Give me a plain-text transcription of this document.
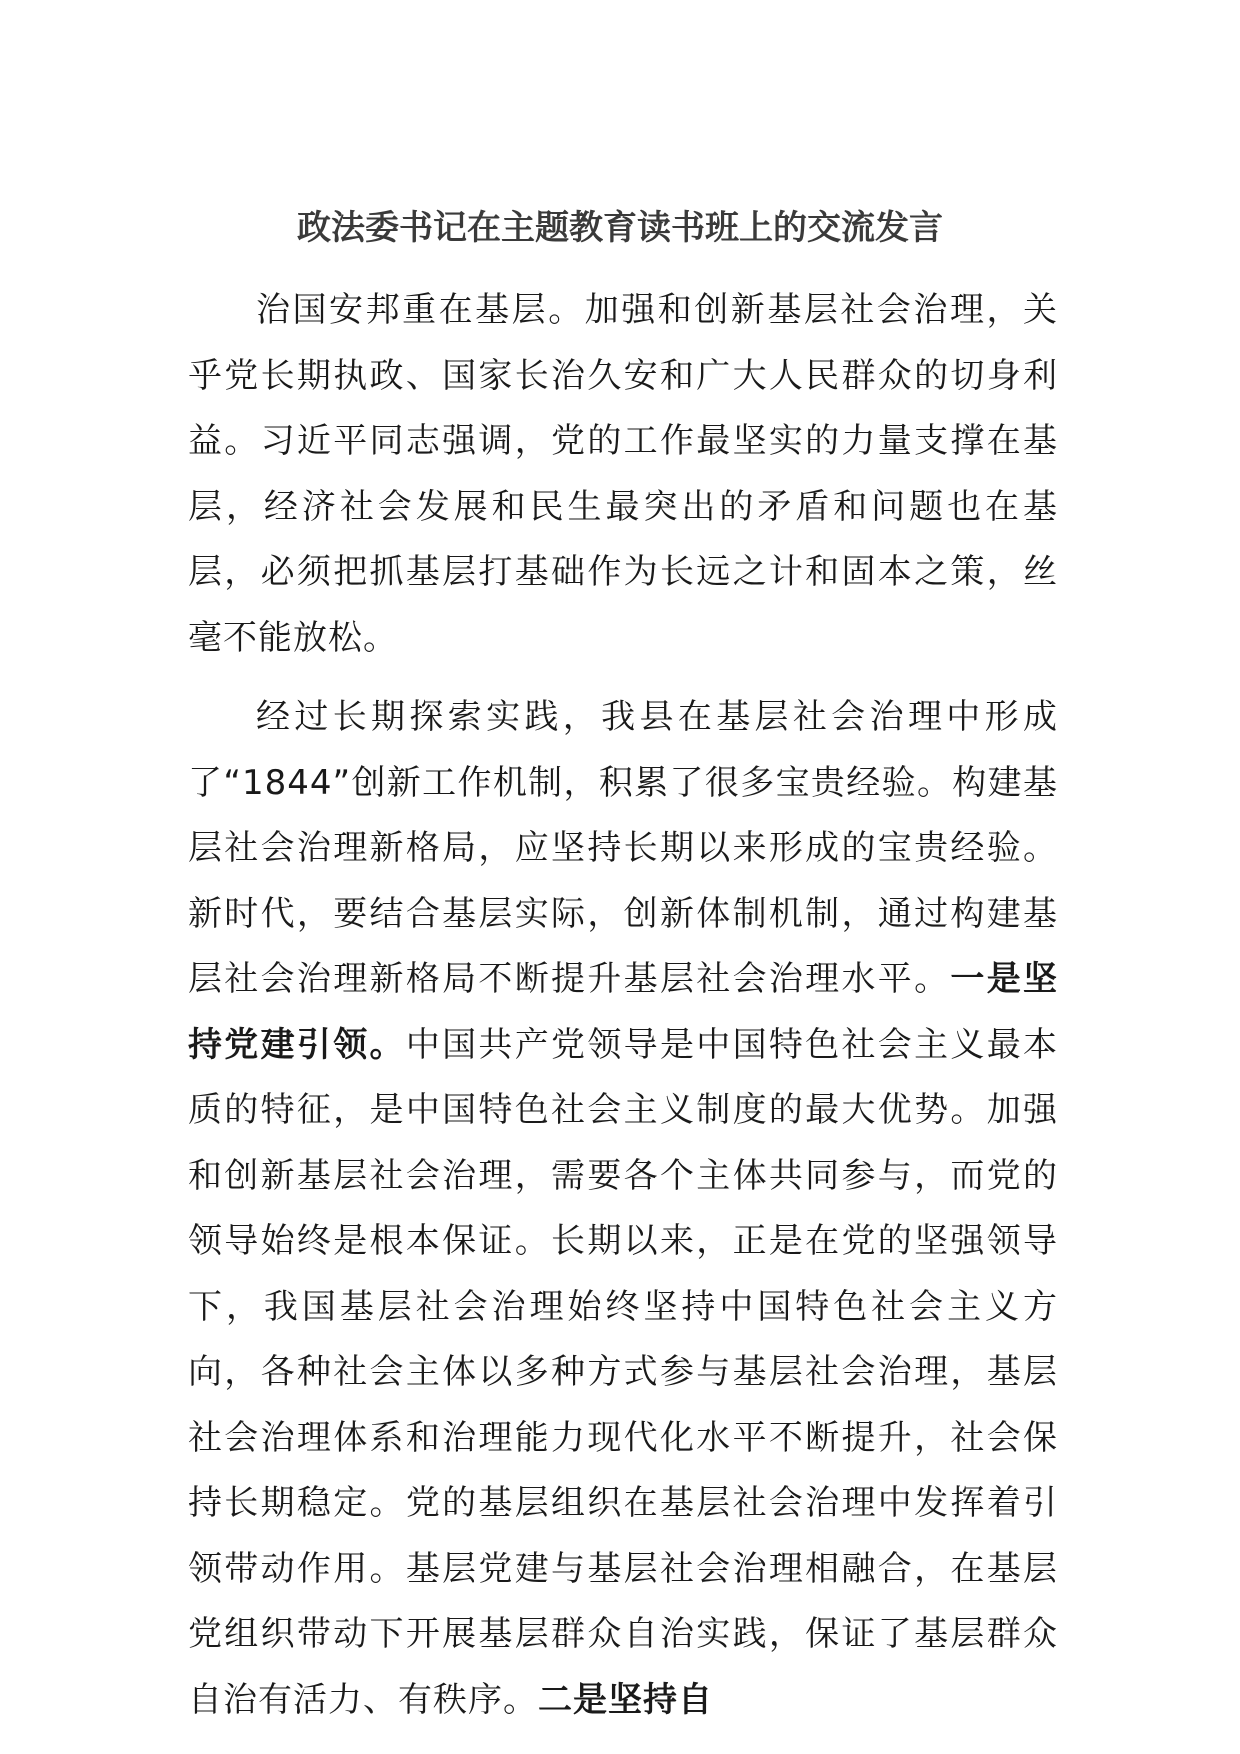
政法委书记在主题教育读书班上的交流发言

治国安邦重在基层。加强和创新基层社会治理，关乎党长期执政、国家长治久安和广大人民群众的切身利益。习近平同志强调，党的工作最坚实的力量支撑在基层，经济社会发展和民生最突出的矛盾和问题也在基层，必须把抓基层打基础作为长远之计和固本之策，丝毫不能放松。

经过长期探索实践，我县在基层社会治理中形成了“1844”创新工作机制，积累了很多宝贵经验。构建基层社会治理新格局，应坚持长期以来形成的宝贵经验。新时代，要结合基层实际，创新体制机制，通过构建基层社会治理新格局不断提升基层社会治理水平。一是坚持党建引领。中国共产党领导是中国特色社会主义最本质的特征，是中国特色社会主义制度的最大优势。加强和创新基层社会治理，需要各个主体共同参与，而党的领导始终是根本保证。长期以来，正是在党的坚强领导下，我国基层社会治理始终坚持中国特色社会主义方向，各种社会主体以多种方式参与基层社会治理，基层社会治理体系和治理能力现代化水平不断提升，社会保持长期稳定。党的基层组织在基层社会治理中发挥着引领带动作用。基层党建与基层社会治理相融合，在基层党组织带动下开展基层群众自治实践，保证了基层群众自治有活力、有秩序。二是坚持自
